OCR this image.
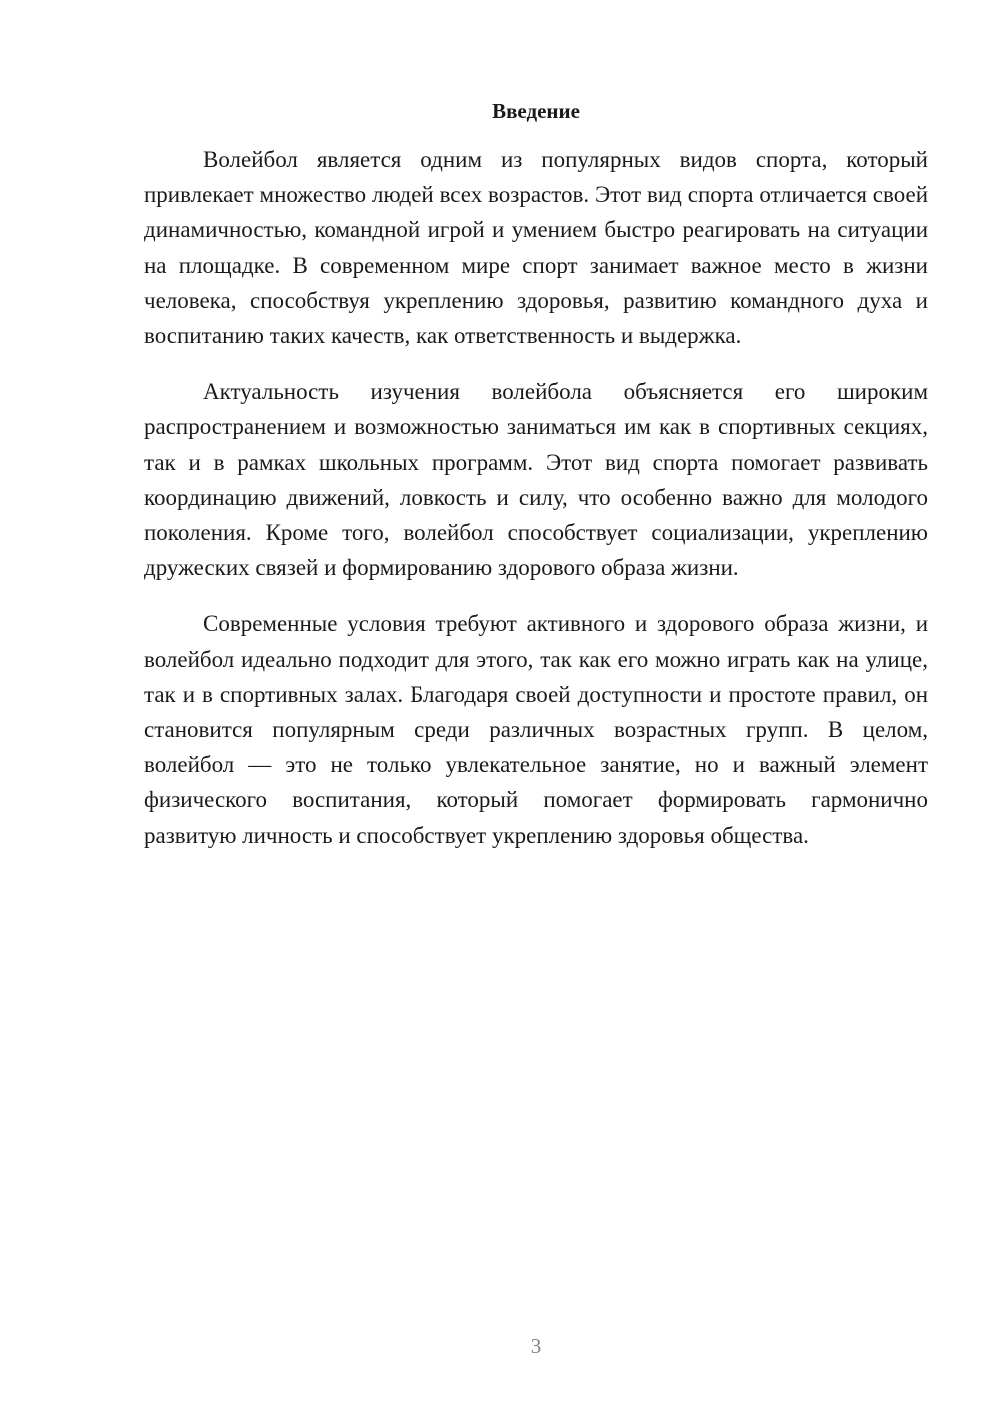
Введение

Волейбол является одним из популярных видов спорта, который привлекает множество людей всех возрастов. Этот вид спорта отличается своей динамичностью, командной игрой и умением быстро реагировать на ситуации на площадке. В современном мире спорт занимает важное место в жизни человека, способствуя укреплению здоровья, развитию командного духа и воспитанию таких качеств, как ответственность и выдержка.

Актуальность изучения волейбола объясняется его широким распространением и возможностью заниматься им как в спортивных секциях, так и в рамках школьных программ. Этот вид спорта помогает развивать координацию движений, ловкость и силу, что особенно важно для молодого поколения. Кроме того, волейбол способствует социализации, укреплению дружеских связей и формированию здорового образа жизни.

Современные условия требуют активного и здорового образа жизни, и волейбол идеально подходит для этого, так как его можно играть как на улице, так и в спортивных залах. Благодаря своей доступности и простоте правил, он становится популярным среди различных возрастных групп. В целом, волейбол — это не только увлекательное занятие, но и важный элемент физического воспитания, который помогает формировать гармонично развитую личность и способствует укреплению здоровья общества.

3
